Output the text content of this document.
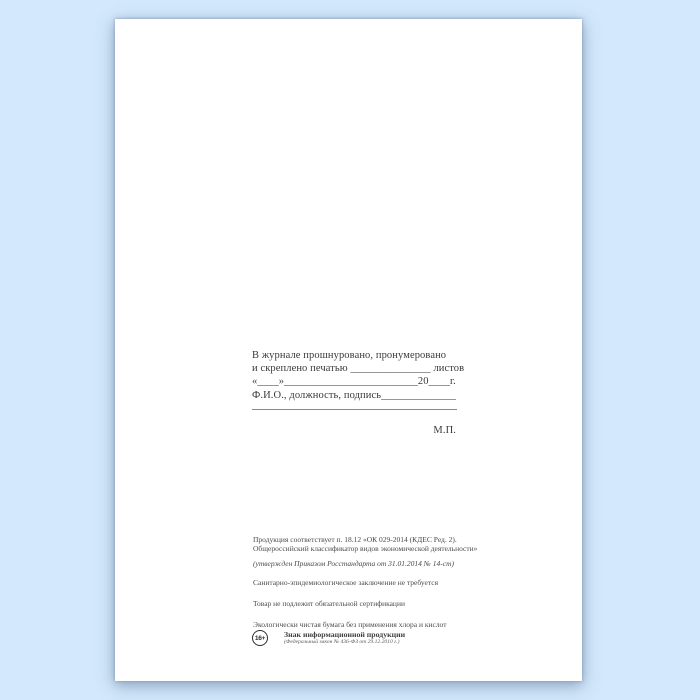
В журнале прошнуровано, пронумеровано
и скреплено печатью _______________ листов
«____»_________________________20____г.
Ф.И.О., должность, подпись______________
М.П.
Продукция соответствует п. 18.12 «ОК 029-2014 (КДЕС Ред. 2).
Общероссийский классификатор видов экономической деятельности»
(утвержден Приказом Росстандарта от 31.01.2014 № 14-ст)
Санитарно-эпидемиологическое заключение не требуется
Товар не подлежит обязательной сертификации
Экологически чистая бумага без применения хлора и кислот
16+ Знак информационной продукции
(Федеральный закон № 436-ФЗ от 29.12.2010 г.)
